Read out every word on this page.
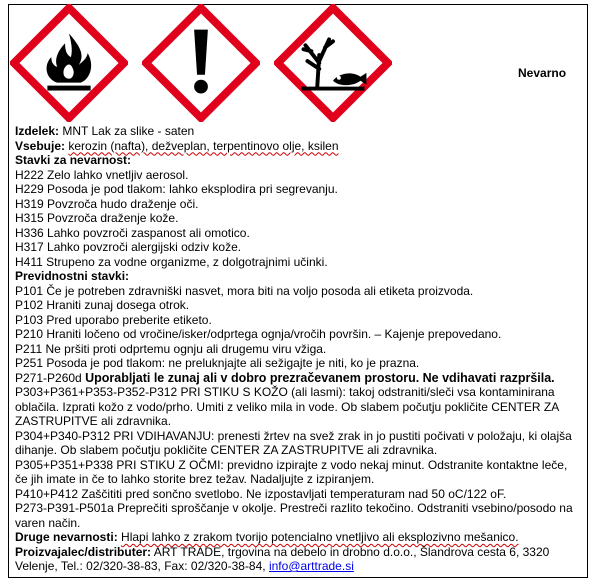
Nevarno

Izdelek: MNT Lak za slike - saten

Vsebuje: kerozin (nafta), dežveplan, terpentinovo olje, ksilen

Stavki za nevarnost:

H222 Zelo lahko vnetljiv aerosol.

H229 Posoda je pod tlakom: lahko eksplodira pri segrevanju.

H319 Povzroča hudo draženje oči.

H315 Povzroča draženje kože.

H336 Lahko povzroči zaspanost ali omotico.

H317 Lahko povzroči alergijski odziv kože.

H411 Strupeno za vodne organizme, z dolgotrajnimi učinki.

Previdnostni stavki:

P101 Če je potreben zdravniški nasvet, mora biti na voljo posoda ali etiketa proizvoda.

P102 Hraniti zunaj dosega otrok.

P103 Pred uporabo preberite etiketo.

P210 Hraniti ločeno od vročine/isker/odprtega ognja/vročih površin. – Kajenje prepovedano.

P211 Ne pršiti proti odprtemu ognju ali drugemu viru vžiga.

P251 Posoda je pod tlakom: ne preluknjajte ali sežigajte je niti, ko je prazna.

P271-P260d Uporabljati le zunaj ali v dobro prezračevanem prostoru. Ne vdihavati razpršila.

P303+P361+P353-P352-P312 PRI STIKU S KOŽO (ali lasmi): takoj odstraniti/sleči vsa kontaminirana oblačila. Izprati kožo z vodo/prho. Umiti z veliko mila in vode. Ob slabem počutju pokličite CENTER ZA ZASTRUPITVE ali zdravnika.

P304+P340-P312 PRI VDIHAVANJU: prenesti žrtev na svež zrak in jo pustiti počivati v položaju, ki olajša dihanje. Ob slabem počutju pokličite CENTER ZA ZASTRUPITVE ali zdravnika.

P305+P351+P338 PRI STIKU Z OČMI: previdno izpirajte z vodo nekaj minut. Odstranite kontaktne leče, če jih imate in če to lahko storite brez težav. Nadaljujte z izpiranjem.

P410+P412 Zaščititi pred sončno svetlobo. Ne izpostavljati temperaturam nad 50 oC/122 oF.

P273-P391-P501a Preprečiti sproščanje v okolje. Prestreči razlito tekočino. Odstraniti vsebino/posodo na varen način.

Druge nevarnosti: Hlapi lahko z zrakom tvorijo potencialno vnetljivo ali eksplozivno mešanico.

Proizvajalec/distributer: ART TRADE, trgovina na debelo in drobno d.o.o., Šlandrova cesta 6, 3320 Velenje, Tel.: 02/320-38-83, Fax: 02/320-38-84, info@arttrade.si
